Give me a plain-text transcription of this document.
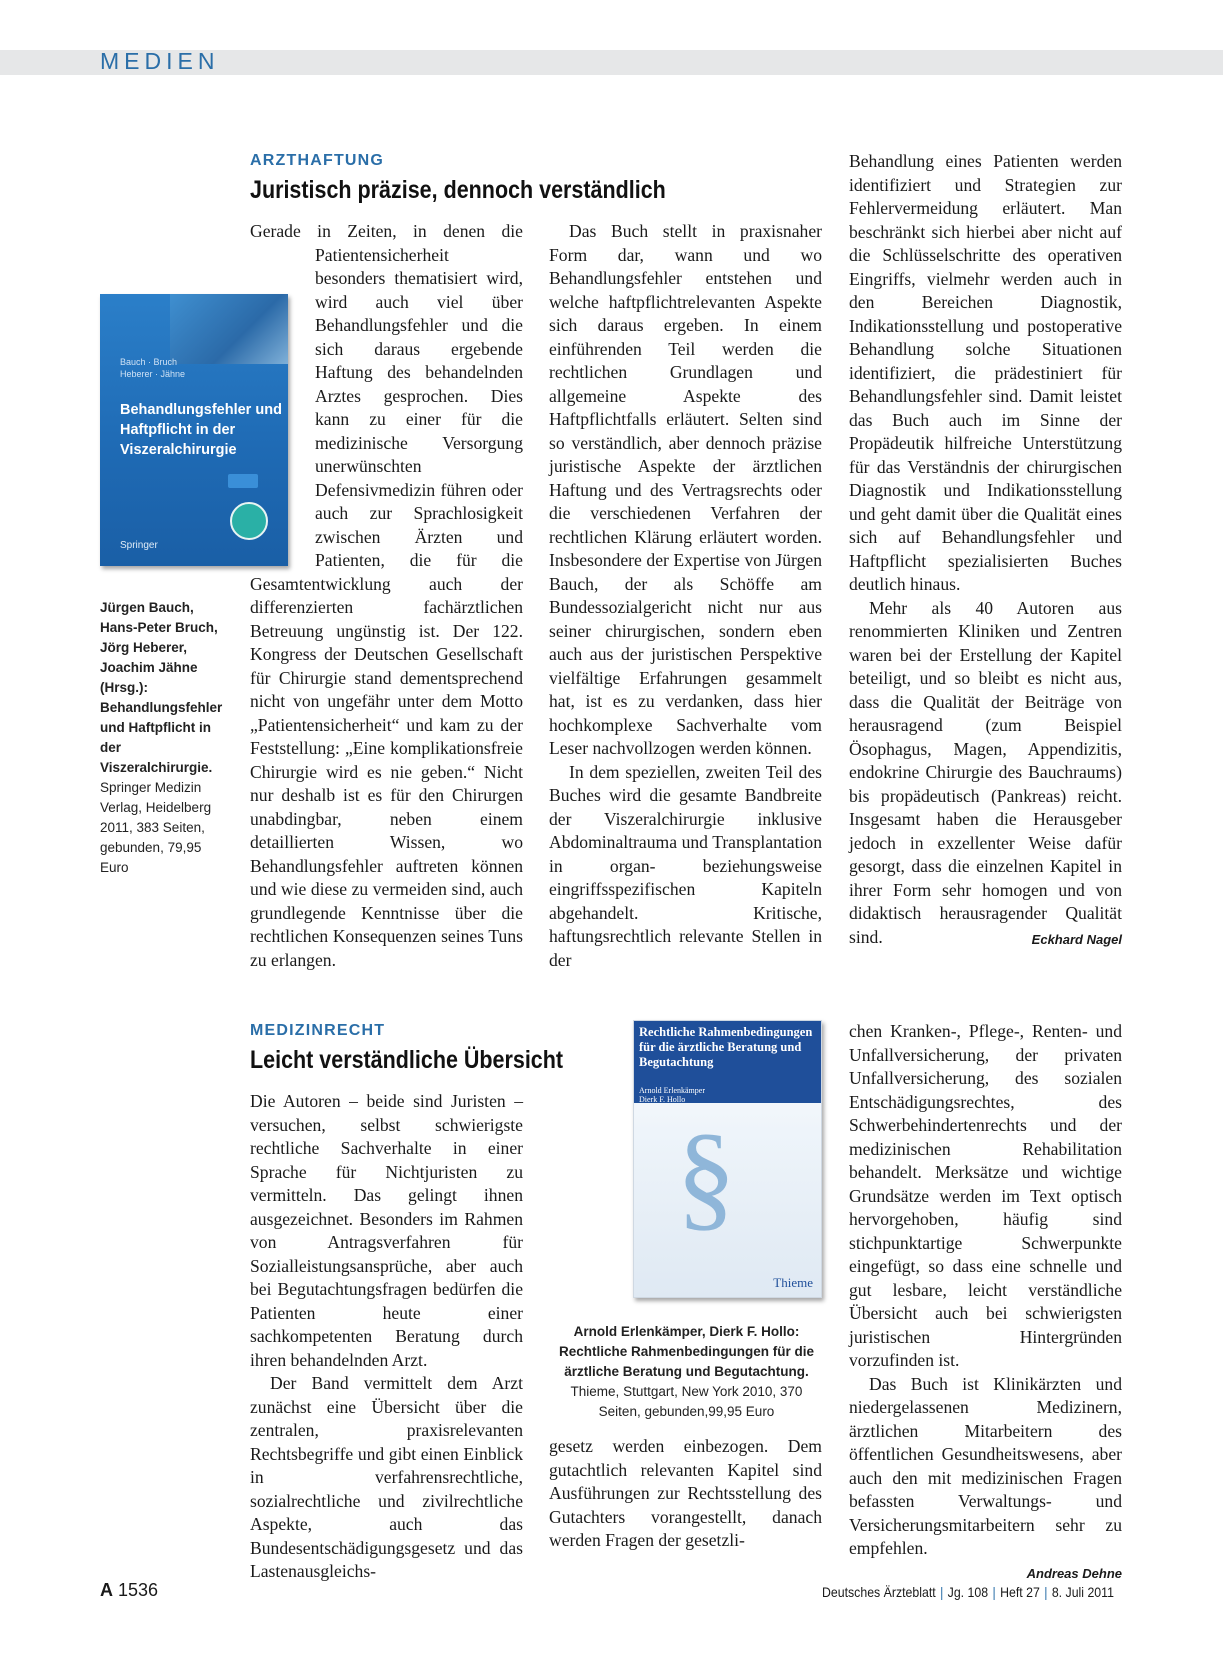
MEDIEN
ARZTHAFTUNG
Juristisch präzise, dennoch verständlich
Bauch · Bruch
Heberer · Jähne
Behandlungsfehler und Haftpflicht in der Viszeralchirurgie
Springer
Jürgen Bauch, Hans-Peter Bruch, Jörg Heberer, Joachim Jähne (Hrsg.): Behandlungsfehler und Haftpflicht in der Viszeralchirurgie. Springer Medizin Verlag, Heidelberg 2011, 383 Seiten, gebunden, 79,95 Euro

Gerade in Zeiten, in denen die Patientensicherheit besonders thematisiert wird, wird auch viel über Behandlungsfehler und die sich daraus ergebende Haftung des behandelnden Arztes gesprochen. Dies kann zu einer für die medizinische Versorgung unerwünschten Defensivmedizin führen oder auch zur Sprachlosigkeit zwischen Ärzten und Patienten, die für die Gesamtentwicklung auch der differenzierten fachärztlichen Betreuung ungünstig ist. Der 122. Kongress der Deutschen Gesellschaft für Chirurgie stand dementsprechend nicht von ungefähr unter dem Motto „Patientensicherheit“ und kam zu der Feststellung: „Eine komplikationsfreie Chirurgie wird es nie geben.“ Nicht nur deshalb ist es für den Chirurgen unabdingbar, neben einem detaillierten Wissen, wo Behandlungsfehler auftreten können und wie diese zu vermeiden sind, auch grundlegende Kenntnisse über die rechtlichen Konsequenzen seines Tuns zu erlangen.

Das Buch stellt in praxisnaher Form dar, wann und wo Behandlungsfehler entstehen und welche haftpflichtrelevanten Aspekte sich daraus ergeben. In einem einführenden Teil werden die rechtlichen Grundlagen und allgemeine Aspekte des Haftpflichtfalls erläutert. Selten sind so verständlich, aber dennoch präzise juristische Aspekte der ärztlichen Haftung und des Vertragsrechts oder die verschiedenen Verfahren der rechtlichen Klärung erläutert worden. Insbesondere der Expertise von Jürgen Bauch, der als Schöffe am Bundessozialgericht nicht nur aus seiner chirurgischen, sondern eben auch aus der juristischen Perspektive vielfältige Erfahrungen gesammelt hat, ist es zu verdanken, dass hier hochkomplexe Sachverhalte vom Leser nachvollzogen werden können.

In dem speziellen, zweiten Teil des Buches wird die gesamte Bandbreite der Viszeralchirurgie inklusive Abdominaltrauma und Transplantation in organ- beziehungsweise eingriffsspezifischen Kapiteln abgehandelt. Kritische, haftungsrechtlich relevante Stellen in der

Behandlung eines Patienten werden identifiziert und Strategien zur Fehlervermeidung erläutert. Man beschränkt sich hierbei aber nicht auf die Schlüsselschritte des operativen Eingriffs, vielmehr werden auch in den Bereichen Diagnostik, Indikationsstellung und postoperative Behandlung solche Situationen identifiziert, die prädestiniert für Behandlungsfehler sind. Damit leistet das Buch auch im Sinne der Propädeutik hilfreiche Unterstützung für das Verständnis der chirurgischen Diagnostik und Indikationsstellung und geht damit über die Qualität eines sich auf Behandlungsfehler und Haftpflicht spezialisierten Buches deutlich hinaus.

Mehr als 40 Autoren aus renommierten Kliniken und Zentren waren bei der Erstellung der Kapitel beteiligt, und so bleibt es nicht aus, dass die Qualität der Beiträge von herausragend (zum Beispiel Ösophagus, Magen, Appendizitis, endokrine Chirurgie des Bauchraums) bis propädeutisch (Pankreas) reicht. Insgesamt haben die Herausgeber jedoch in exzellenter Weise dafür gesorgt, dass die einzelnen Kapitel in ihrer Form sehr homogen und von didaktisch herausragender Qualität sind.	Eckhard Nagel

MEDIZINRECHT
Leicht verständliche Übersicht

Die Autoren – beide sind Juristen – versuchen, selbst schwierigste rechtliche Sachverhalte in einer Sprache für Nichtjuristen zu vermitteln. Das gelingt ihnen ausgezeichnet. Besonders im Rahmen von Antragsverfahren für Sozialleistungsansprüche, aber auch bei Begutachtungsfragen bedürfen die Patienten heute einer sachkompetenten Beratung durch ihren behandelnden Arzt.

Der Band vermittelt dem Arzt zunächst eine Übersicht über die zentralen, praxisrelevanten Rechtsbegriffe und gibt einen Einblick in verfahrensrechtliche, sozialrechtliche und zivilrechtliche Aspekte, auch das Bundesentschädigungsgesetz und das Lastenausgleichs-

Rechtliche Rahmenbedingungen für die ärztliche Beratung und Begutachtung
Arnold Erlenkämper
Dierk F. Hollo
§
Thieme
Arnold Erlenkämper, Dierk F. Hollo: Rechtliche Rahmenbedingungen für die ärztliche Beratung und Begutachtung. Thieme, Stuttgart, New York 2010, 370 Seiten, gebunden,99,95 Euro

gesetz werden einbezogen. Dem gutachtlich relevanten Kapitel sind Ausführungen zur Rechtsstellung des Gutachters vorangestellt, danach werden Fragen der gesetzli-

chen Kranken-, Pflege-, Renten- und Unfallversicherung, der privaten Unfallversicherung, des sozialen Entschädigungsrechtes, des Schwerbehindertenrechts und der medizinischen Rehabilitation behandelt. Merksätze und wichtige Grundsätze werden im Text optisch hervorgehoben, häufig sind stichpunktartige Schwerpunkte eingefügt, so dass eine schnelle und gut lesbare, leicht verständliche Übersicht auch bei schwierigsten juristischen Hintergründen vorzufinden ist.

Das Buch ist Klinikärzten und niedergelassenen Medizinern, ärztlichen Mitarbeitern des öffentlichen Gesundheitswesens, aber auch den mit medizinischen Fragen befassten Verwaltungs- und Versicherungsmitarbeitern sehr zu empfehlen.

Andreas Dehne
A 1536	Deutsches Ärzteblatt | Jg. 108 | Heft 27 | 8. Juli 2011
